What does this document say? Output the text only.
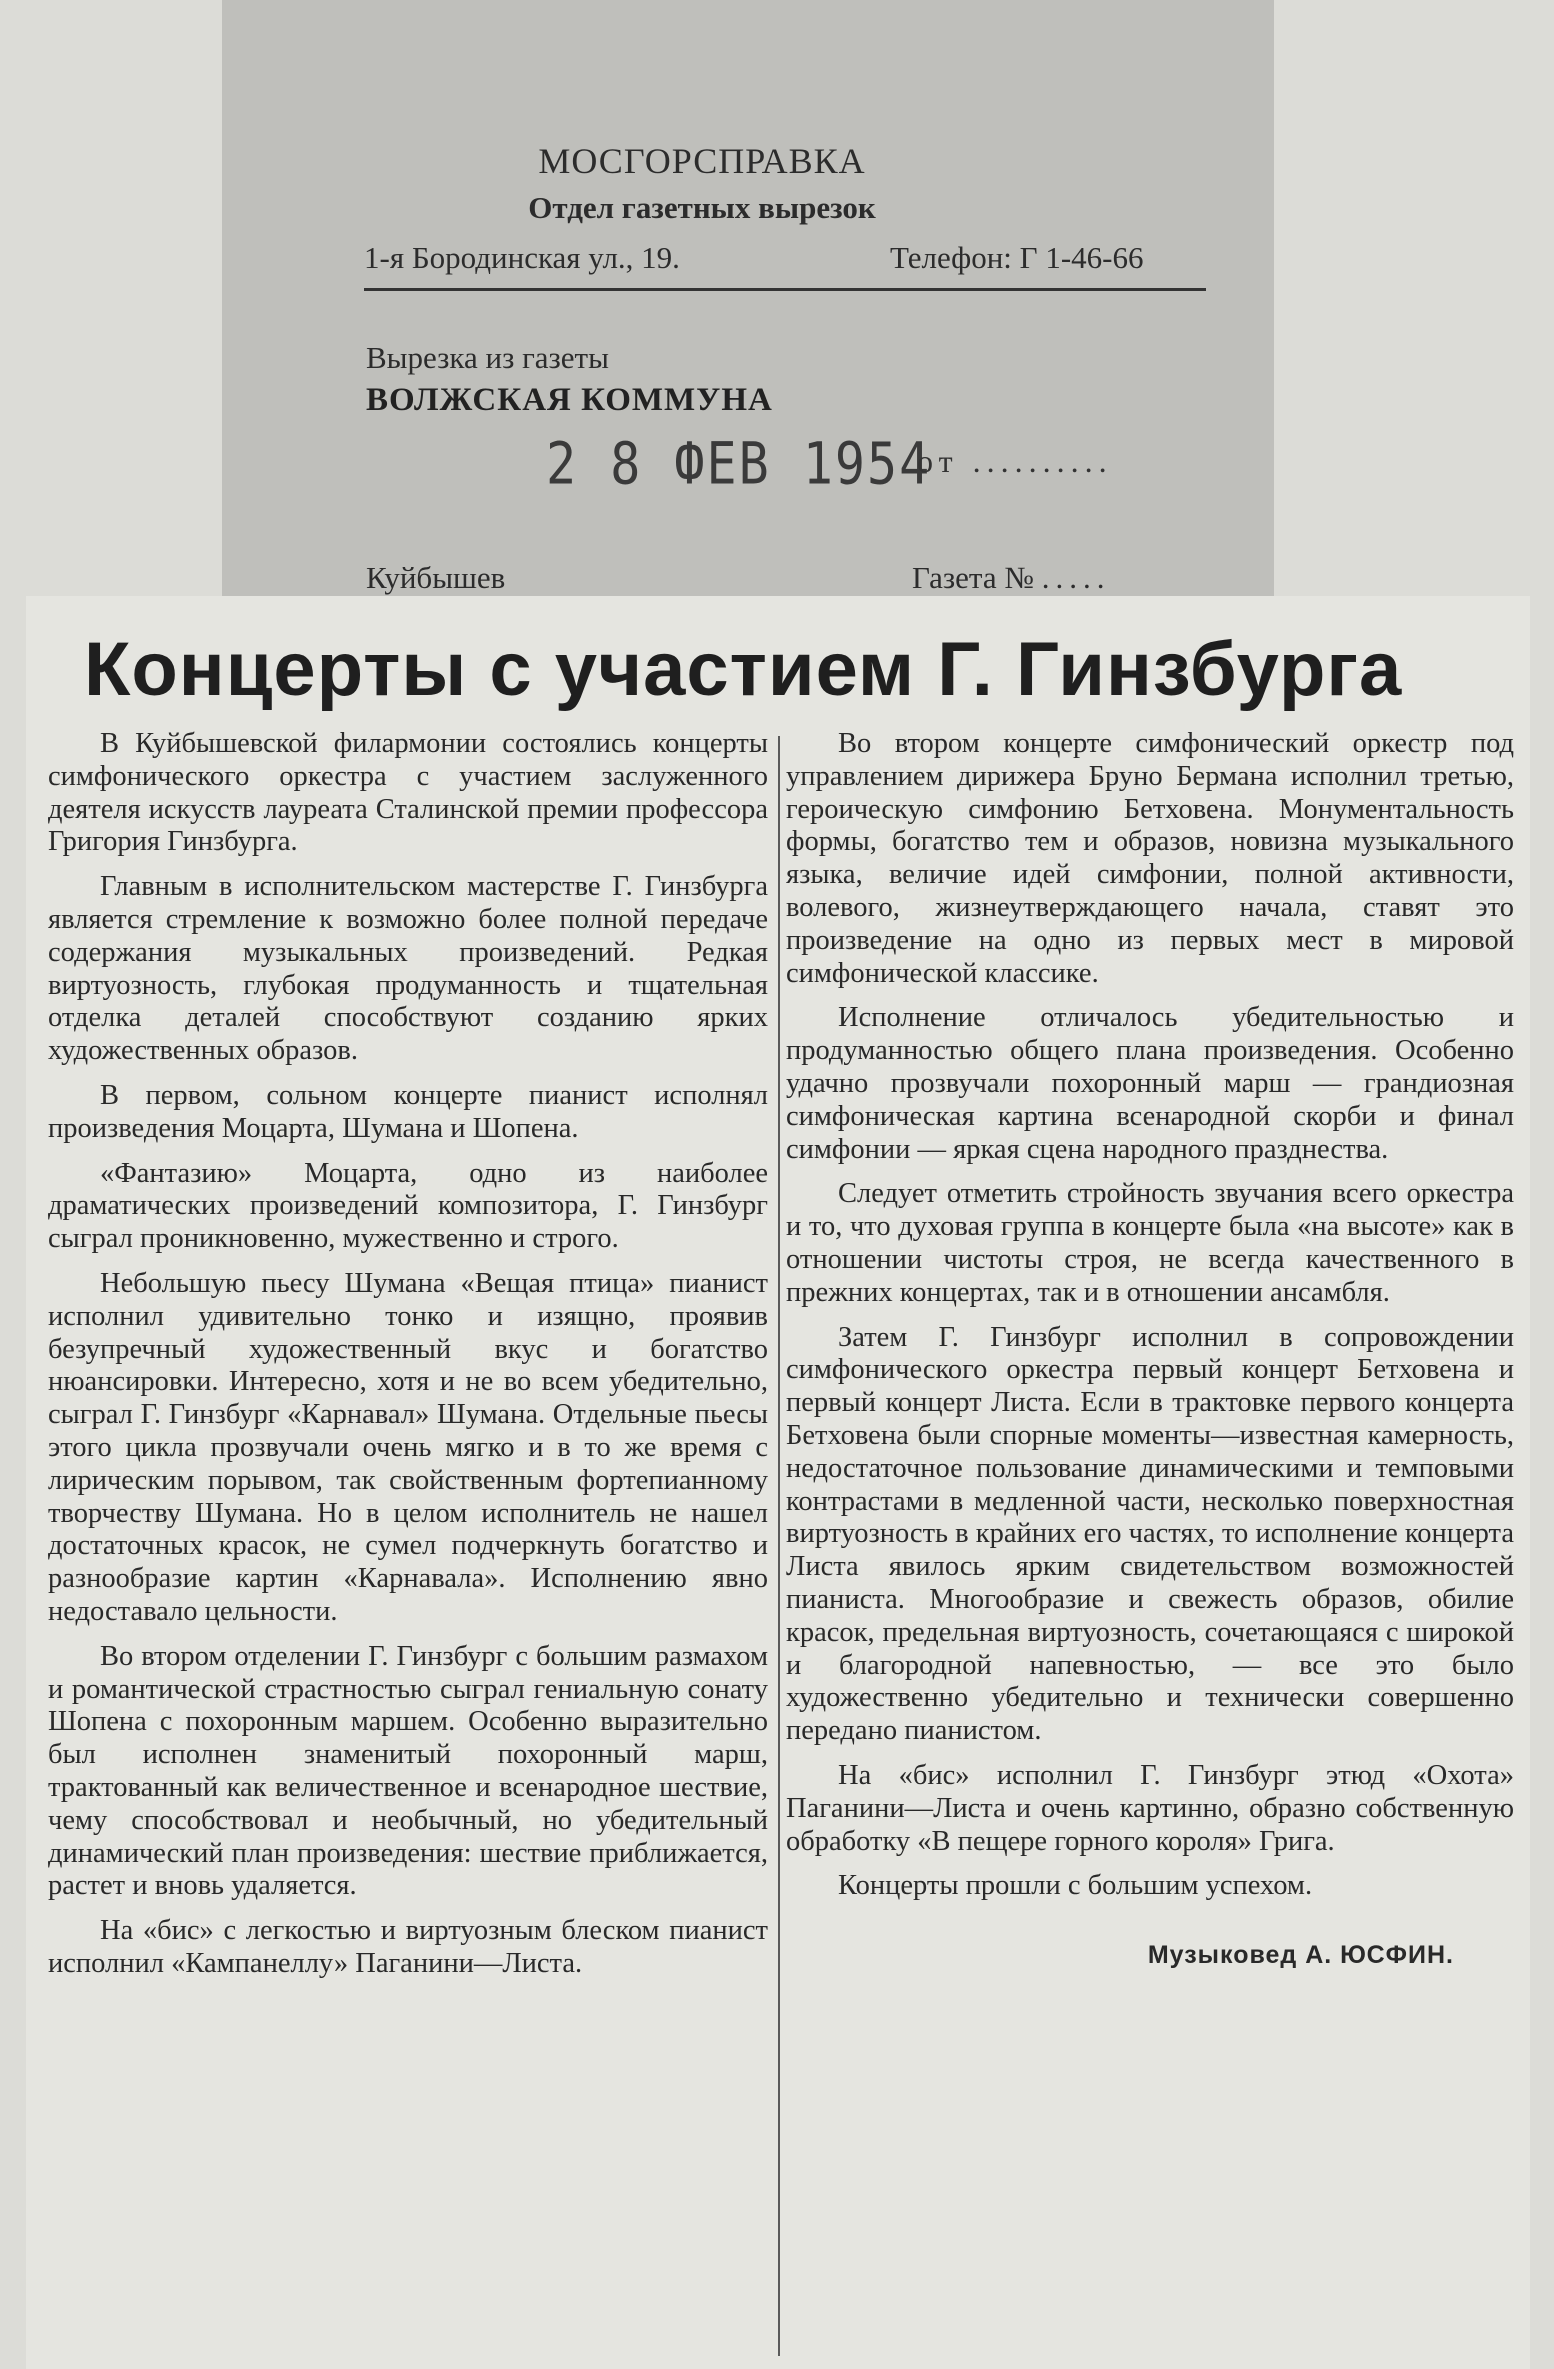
МОСГОРСПРАВКА
Отдел газетных вырезок
1-я Бородинская ул., 19.	Телефон: Г 1-46-66
Вырезка из газеты
ВОЛЖСКАЯ КОММУНА
2 8 ФЕВ 1954
от ..........
Куйбышев	Газета № .....
Концерты с участием Г. Гинзбурга

В Куйбышевской филармонии состоялись концерты симфонического оркестра с участием заслуженного деятеля искусств лауреата Сталинской премии профессора Григория Гинзбурга.

Главным в исполнительском мастерстве Г. Гинзбурга является стремление к возможно более полной передаче содержания музыкальных произведений. Редкая виртуозность, глубокая продуманность и тщательная отделка деталей способствуют созданию ярких художественных образов.

В первом, сольном концерте пианист исполнял произведения Моцарта, Шумана и Шопена.

«Фантазию» Моцарта, одно из наиболее драматических произведений композитора, Г. Гинзбург сыграл проникновенно, мужественно и строго.

Небольшую пьесу Шумана «Вещая птица» пианист исполнил удивительно тонко и изящно, проявив безупречный художественный вкус и богатство нюансировки. Интересно, хотя и не во всем убедительно, сыграл Г. Гинзбург «Карнавал» Шумана. Отдельные пьесы этого цикла прозвучали очень мягко и в то же время с лирическим порывом, так свойственным фортепианному творчеству Шумана. Но в целом исполнитель не нашел достаточных красок, не сумел подчеркнуть богатство и разнообразие картин «Карнавала». Исполнению явно недоставало цельности.

Во втором отделении Г. Гинзбург с большим размахом и романтической страстностью сыграл гениальную сонату Шопена с похоронным маршем. Особенно выразительно был исполнен знаменитый похоронный марш, трактованный как величественное и всенародное шествие, чему способствовал и необычный, но убедительный динамический план произведения: шествие приближается, растет и вновь удаляется.

На «бис» с легкостью и виртуозным блеском пианист исполнил «Кампанеллу» Паганини—Листа.

Во втором концерте симфонический оркестр под управлением дирижера Бруно Бермана исполнил третью, героическую симфонию Бетховена. Монументальность формы, богатство тем и образов, новизна музыкального языка, величие идей симфонии, полной активности, волевого, жизнеутверждающего начала, ставят это произведение на одно из первых мест в мировой симфонической классике.

Исполнение отличалось убедительностью и продуманностью общего плана произведения. Особенно удачно прозвучали похоронный марш — грандиозная симфоническая картина всенародной скорби и финал симфонии — яркая сцена народного празднества.

Следует отметить стройность звучания всего оркестра и то, что духовая группа в концерте была «на высоте» как в отношении чистоты строя, не всегда качественного в прежних концертах, так и в отношении ансамбля.

Затем Г. Гинзбург исполнил в сопровождении симфонического оркестра первый концерт Бетховена и первый концерт Листа. Если в трактовке первого концерта Бетховена были спорные моменты—известная камерность, недостаточное пользование динамическими и темповыми контрастами в медленной части, несколько поверхностная виртуозность в крайних его частях, то исполнение концерта Листа явилось ярким свидетельством возможностей пианиста. Многообразие и свежесть образов, обилие красок, предельная виртуозность, сочетающаяся с широкой и благородной напевностью, — все это было художественно убедительно и технически совершенно передано пианистом.

На «бис» исполнил Г. Гинзбург этюд «Охота» Паганини—Листа и очень картинно, образно собственную обработку «В пещере горного короля» Грига.

Концерты прошли с большим успехом.

Музыковед А. ЮСФИН.
